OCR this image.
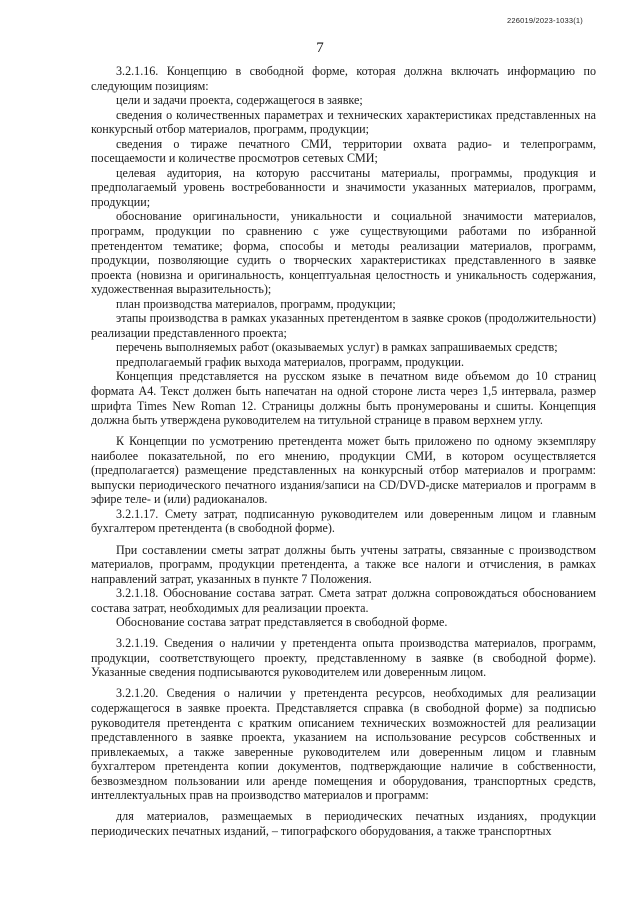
226019/2023-1033(1)
7

3.2.1.16. Концепцию в свободной форме, которая должна включать информацию по следующим позициям:

цели и задачи проекта, содержащегося в заявке;

сведения о количественных параметрах и технических характеристиках представленных на конкурсный отбор материалов, программ, продукции;

сведения о тираже печатного СМИ, территории охвата радио- и телепрограмм, посещаемости и количестве просмотров сетевых СМИ;

целевая аудитория, на которую рассчитаны материалы, программы, продукция и предполагаемый уровень востребованности и значимости указанных материалов, программ, продукции;

обоснование оригинальности, уникальности и социальной значимости материалов, программ, продукции по сравнению с уже существующими работами по избранной претендентом тематике; форма, способы и методы реализации материалов, программ, продукции, позволяющие судить о творческих характеристиках представленного в заявке проекта (новизна и оригинальность, концептуальная целостность и уникальность содержания, художественная выразительность);

план производства материалов, программ, продукции;

этапы производства в рамках указанных претендентом в заявке сроков (продолжительности) реализации представленного проекта;

перечень выполняемых работ (оказываемых услуг) в рамках запрашиваемых средств;

предполагаемый график выхода материалов, программ, продукции.

Концепция представляется на русском языке в печатном виде объемом до 10 страниц формата А4. Текст должен быть напечатан на одной стороне листа через 1,5 интервала, размер шрифта Times New Roman 12. Страницы должны быть пронумерованы и сшиты. Концепция должна быть утверждена руководителем на титульной странице в правом верхнем углу.

К Концепции по усмотрению претендента может быть приложено по одному экземпляру наиболее показательной, по его мнению, продукции СМИ, в котором осуществляется (предполагается) размещение представленных на конкурсный отбор материалов и программ: выпуски периодического печатного издания/записи на CD/DVD-диске материалов и программ в эфире теле- и (или) радиоканалов.

3.2.1.17. Смету затрат, подписанную руководителем или доверенным лицом и главным бухгалтером претендента (в свободной форме).

При составлении сметы затрат должны быть учтены затраты, связанные с производством материалов, программ, продукции претендента, а также все налоги и отчисления, в рамках направлений затрат, указанных в пункте 7 Положения.

3.2.1.18. Обоснование состава затрат. Смета затрат должна сопровождаться обоснованием состава затрат, необходимых для реализации проекта.

Обоснование состава затрат представляется в свободной форме.

3.2.1.19. Сведения о наличии у претендента опыта производства материалов, программ, продукции, соответствующего проекту, представленному в заявке (в свободной форме). Указанные сведения подписываются руководителем или доверенным лицом.

3.2.1.20. Сведения о наличии у претендента ресурсов, необходимых для реализации содержащегося в заявке проекта. Представляется справка (в свободной форме) за подписью руководителя претендента с кратким описанием технических возможностей для реализации представленного в заявке проекта, указанием на использование ресурсов собственных и привлекаемых, а также заверенные руководителем или доверенным лицом и главным бухгалтером претендента копии документов, подтверждающие наличие в собственности, безвозмездном пользовании или аренде помещения и оборудования, транспортных средств, интеллектуальных прав на производство материалов и программ:

для материалов, размещаемых в периодических печатных изданиях, продукции периодических печатных изданий, – типографского оборудования, а также транспортных
